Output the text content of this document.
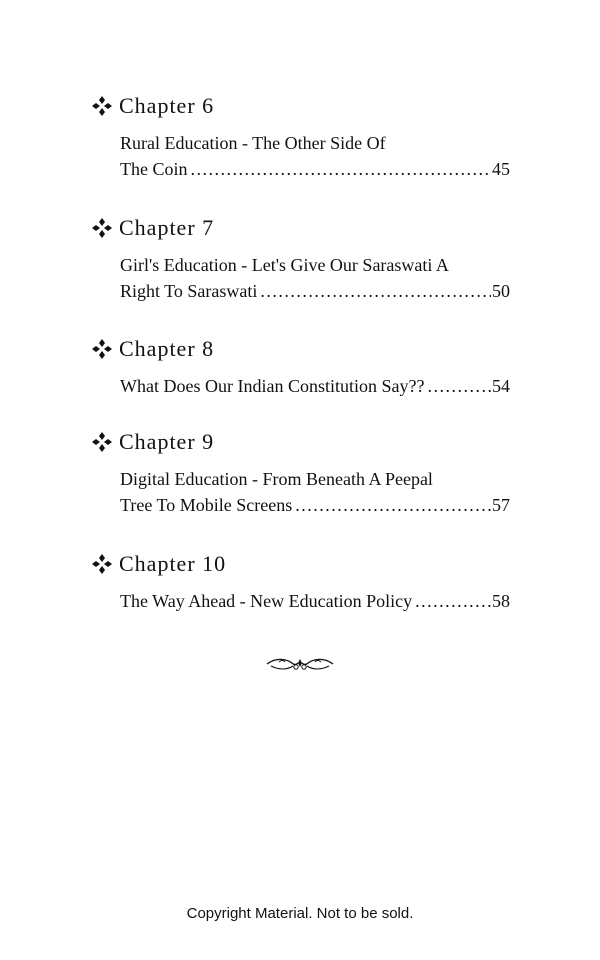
Chapter 6
Rural Education - The Other Side Of
The Coin . . .	45
Chapter 7
Girl's Education - Let's Give Our Saraswati A
Right To Saraswati . . .	50
Chapter 8
What Does Our Indian Constitution Say?? . . .	54
Chapter 9
Digital Education - From Beneath A Peepal
Tree To Mobile Screens . . .	57
Chapter 10
The Way Ahead - New Education Policy . . .	58
Copyright Material. Not to be sold.
